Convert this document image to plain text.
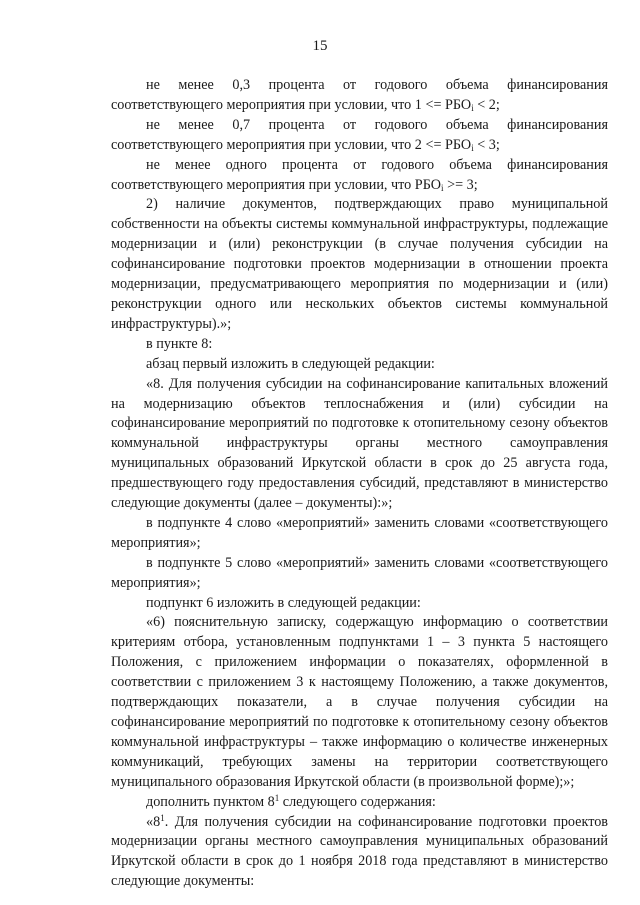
15

не менее 0,3 процента от годового объема финансирования соответствующего мероприятия при условии, что $1 <= РБО_i < 2$;

не менее 0,7 процента от годового объема финансирования соответствующего мероприятия при условии, что $2 <= РБО_i < 3$;

не менее одного процента от годового объема финансирования соответствующего мероприятия при условии, что $РБО_i >= 3$;

2) наличие документов, подтверждающих право муниципальной собственности на объекты системы коммунальной инфраструктуры, подлежащие модернизации и (или) реконструкции (в случае получения субсидии на софинансирование подготовки проектов модернизации в отношении проекта модернизации, предусматривающего мероприятия по модернизации и (или) реконструкции одного или нескольких объектов системы коммунальной инфраструктуры).»;

в пункте 8:

абзац первый изложить в следующей редакции:

«8. Для получения субсидии на софинансирование капитальных вложений на модернизацию объектов теплоснабжения и (или) субсидии на софинансирование мероприятий по подготовке к отопительному сезону объектов коммунальной инфраструктуры органы местного самоуправления муниципальных образований Иркутской области в срок до 25 августа года, предшествующего году предоставления субсидий, представляют в министерство следующие документы (далее – документы):»;

в подпункте 4 слово «мероприятий» заменить словами «соответствующего мероприятия»;

в подпункте 5 слово «мероприятий» заменить словами «соответствующего мероприятия»;

подпункт 6 изложить в следующей редакции:

«6) пояснительную записку, содержащую информацию о соответствии критериям отбора, установленным подпунктами 1 – 3 пункта 5 настоящего Положения, с приложением информации о показателях, оформленной в соответствии с приложением 3 к настоящему Положению, а также документов, подтверждающих показатели, а в случае получения субсидии на софинансирование мероприятий по подготовке к отопительному сезону объектов коммунальной инфраструктуры – также информацию о количестве инженерных коммуникаций, требующих замены на территории соответствующего муниципального образования Иркутской области (в произвольной форме);»;

дополнить пунктом $8^1$ следующего содержания:

«$8^1$. Для получения субсидии на софинансирование подготовки проектов модернизации органы местного самоуправления муниципальных образований Иркутской области в срок до 1 ноября 2018 года представляют в министерство следующие документы:
